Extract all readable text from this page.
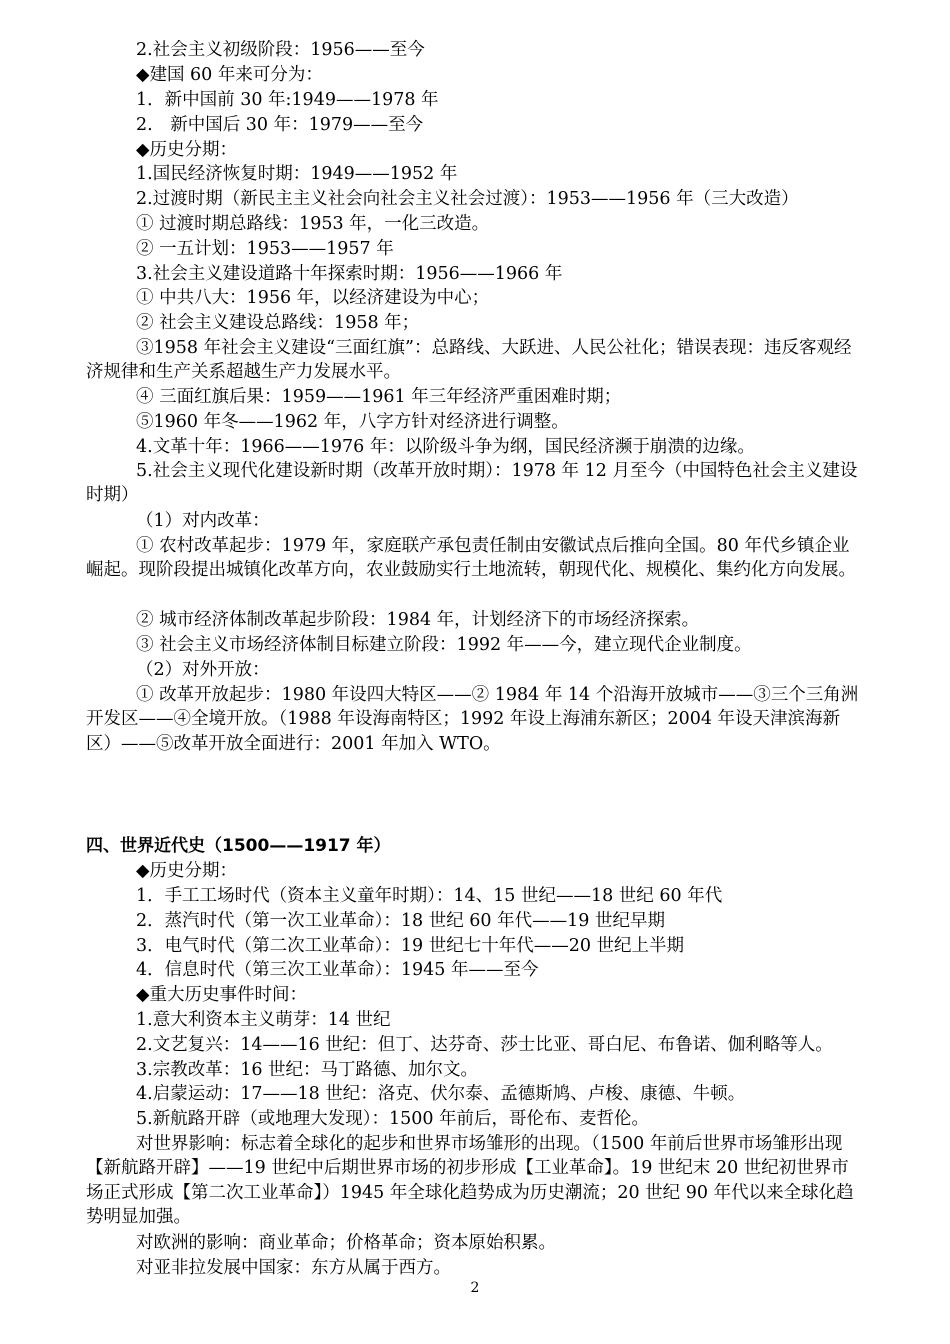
2.社会主义初级阶段：1956——至今
◆建国 60 年来可分为：
1．新中国前 30 年:1949——1978 年
2.　新中国后 30 年：1979——至今
◆历史分期：
1.国民经济恢复时期：1949——1952 年
2.过渡时期（新民主主义社会向社会主义社会过渡）：1953——1956 年（三大改造）
① 过渡时期总路线：1953 年，一化三改造。
② 一五计划：1953——1957 年
3.社会主义建设道路十年探索时期：1956——1966 年
① 中共八大：1956 年，以经济建设为中心；
② 社会主义建设总路线：1958 年；
③1958 年社会主义建设“三面红旗”：总路线、大跃进、人民公社化；错误表现：违反客观经济规律和生产关系超越生产力发展水平。
④ 三面红旗后果：1959——1961 年三年经济严重困难时期；
⑤1960 年冬——1962 年，八字方针对经济进行调整。
4.文革十年：1966——1976 年：以阶级斗争为纲，国民经济濒于崩溃的边缘。
5.社会主义现代化建设新时期（改革开放时期）：1978 年 12 月至今（中国特色社会主义建设时期）
（1）对内改革：
① 农村改革起步：1979 年，家庭联产承包责任制由安徽试点后推向全国。80 年代乡镇企业崛起。现阶段提出城镇化改革方向，农业鼓励实行土地流转，朝现代化、规模化、集约化方向发展。
② 城市经济体制改革起步阶段：1984 年，计划经济下的市场经济探索。
③ 社会主义市场经济体制目标建立阶段：1992 年——今，建立现代企业制度。
（2）对外开放：
① 改革开放起步：1980 年设四大特区——② 1984 年 14 个沿海开放城市——③三个三角洲开发区——④全境开放。（1988 年设海南特区；1992 年设上海浦东新区；2004 年设天津滨海新区）——⑤改革开放全面进行：2001 年加入 WTO。
四、世界近代史（1500——1917 年）
◆历史分期：
1．手工工场时代（资本主义童年时期）：14、15 世纪——18 世纪 60 年代
2．蒸汽时代（第一次工业革命）：18 世纪 60 年代——19 世纪早期
3．电气时代（第二次工业革命）：19 世纪七十年代——20 世纪上半期
4．信息时代（第三次工业革命）：1945 年——至今
◆重大历史事件时间：
1.意大利资本主义萌芽：14 世纪
2.文艺复兴：14——16 世纪：但丁、达芬奇、莎士比亚、哥白尼、布鲁诺、伽利略等人。
3.宗教改革：16 世纪：马丁路德、加尔文。
4.启蒙运动：17——18 世纪：洛克、伏尔泰、孟德斯鸠、卢梭、康德、牛顿。
5.新航路开辟（或地理大发现）：1500 年前后，哥伦布、麦哲伦。
对世界影响：标志着全球化的起步和世界市场雏形的出现。（1500 年前后世界市场雏形出现【新航路开辟】——19 世纪中后期世界市场的初步形成【工业革命】。19 世纪末 20 世纪初世界市场正式形成【第二次工业革命】）1945 年全球化趋势成为历史潮流；20 世纪 90 年代以来全球化趋势明显加强。
对欧洲的影响：商业革命；价格革命；资本原始积累。
对亚非拉发展中国家：东方从属于西方。
2
